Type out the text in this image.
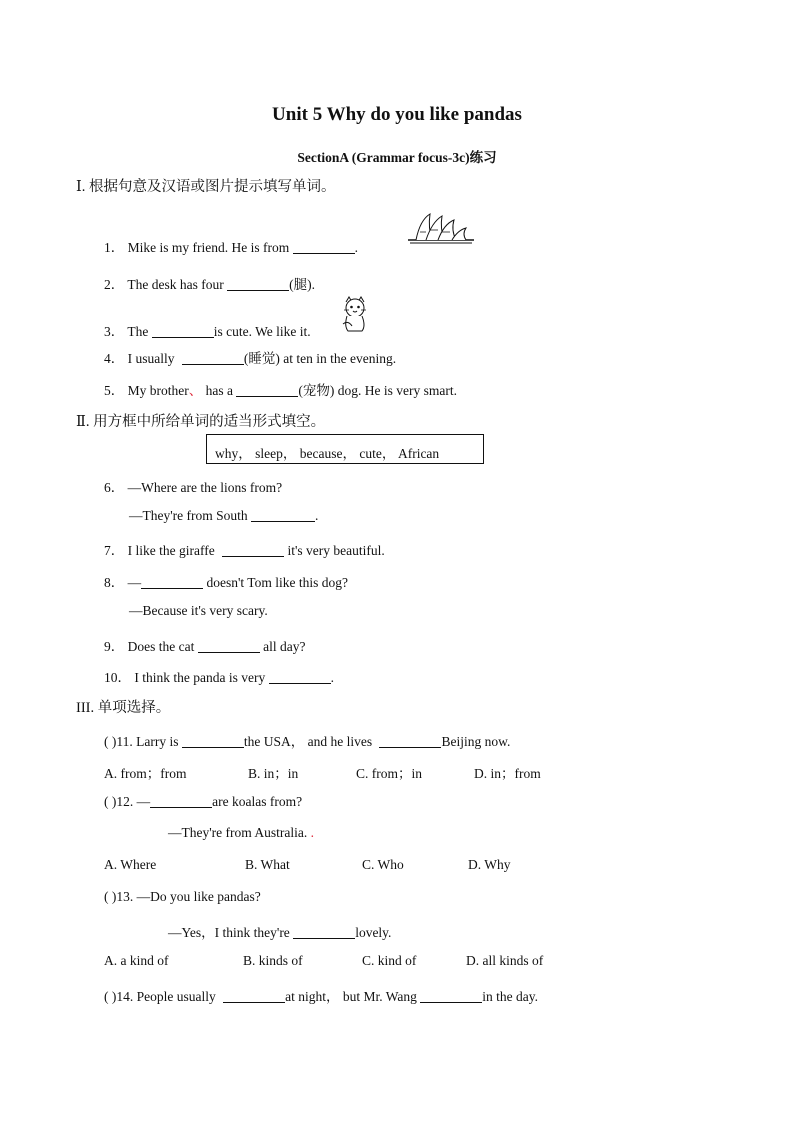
Unit 5 Why do you like pandas
SectionA (Grammar focus-3c)练习
Ⅰ. 根据句意及汉语或图片提示填写单词。
1． Mike is my friend. He is from	.
2． The desk has four	(腿).
3． The	is cute. We like it.
4． I usually	(睡觉) at ten in the evening.
5． My brother、 has a	(宠物) dog. He is very smart.
Ⅱ. 用方框中所给单词的适当形式填空。
why， sleep， because， cute， African
6． —Where are the lions from?
—They're from South	.
7． I like the giraffe	it's very beautiful.
8． —	doesn't Tom like this dog?
—Because it's very scary.
9． Does the cat	all day?
10． I think the panda is very	.
III. 单项选择。
( )11. Larry is	the USA， and he lives	Beijing now.
A. from；from	B. in；in	C. from；in	D. in；from
( )12. —	are koalas from?
—They're from Australia. .
A. Where	B. What	C. Who	D. Why
( )13. —Do you like pandas?
—Yes，I think they're	lovely.
A. a kind of	B. kinds of	C. kind of	D. all kinds of
( )14. People usually	at night， but Mr. Wang	in the day.
